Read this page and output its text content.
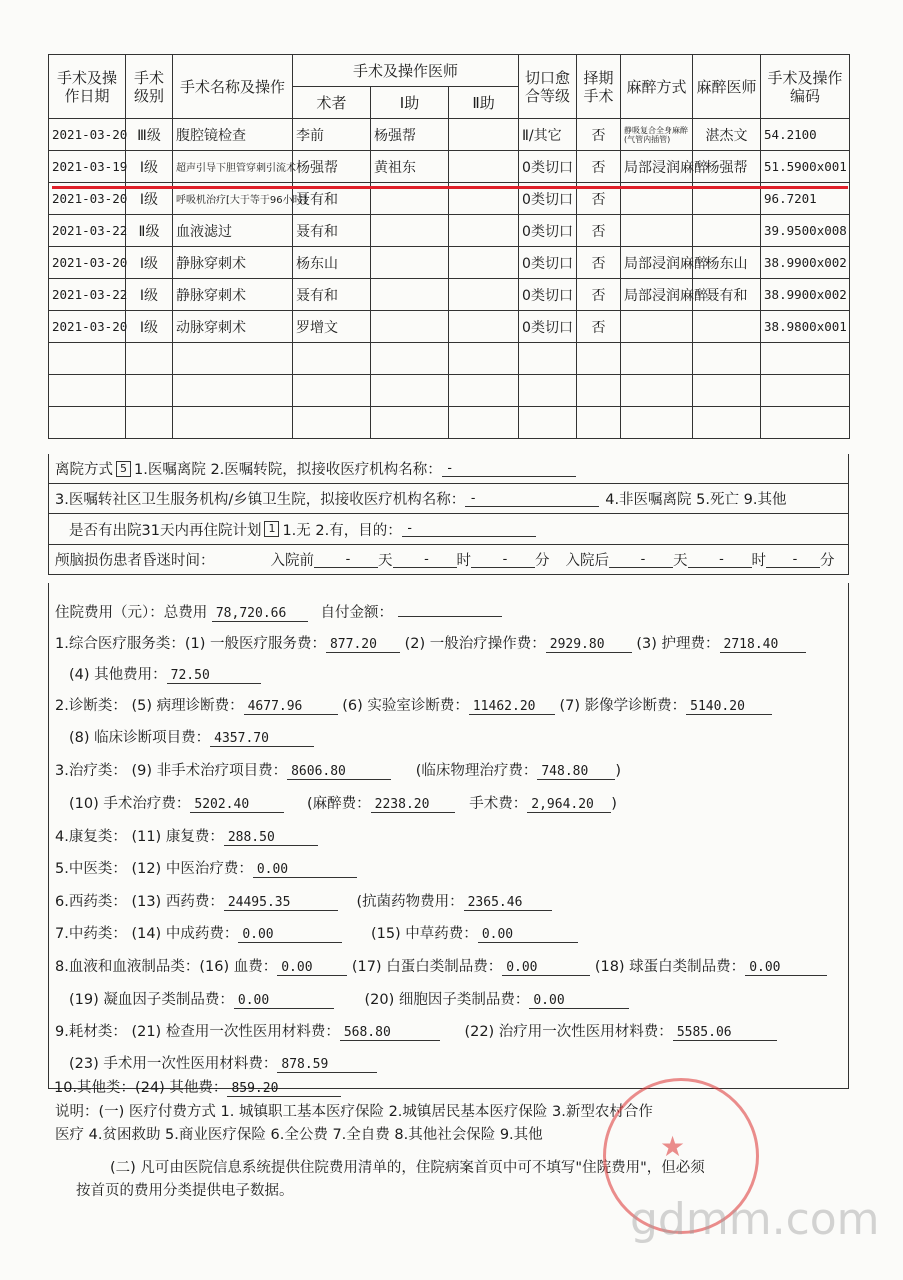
手术及操作日期	手术级别	手术名称及操作	手术及操作医师			切口愈合等级	择期手术	麻醉方式	麻醉医师	手术及操作编码
			术者	Ⅰ助	Ⅱ助					
2021-03-20	Ⅲ级	腹腔镜检查	李前	杨强帮		Ⅱ/其它	否	静吸复合全身麻醉(气管内插管)	湛杰文	54.2100
2021-03-19	Ⅰ级	超声引导下胆管穿刺引流术	杨强帮	黄祖东		0类切口	否	局部浸润麻醉	杨强帮	51.5900x001
2021-03-20	Ⅰ级	呼吸机治疗[大于等于96小时]	聂有和			0类切口	否			96.7201
2021-03-22	Ⅱ级	血液滤过	聂有和			0类切口	否			39.9500x008
2021-03-20	Ⅰ级	静脉穿刺术	杨东山			0类切口	否	局部浸润麻醉	杨东山	38.9900x002
2021-03-22	Ⅰ级	静脉穿刺术	聂有和			0类切口	否	局部浸润麻醉	聂有和	38.9900x002
2021-03-20	Ⅰ级	动脉穿刺术	罗增文			0类切口	否			38.9800x001

离院方式 5 1.医嘱离院 2.医嘱转院，拟接收医疗机构名称： -
3.医嘱转社区卫生服务机构/乡镇卫生院，拟接收医疗机构名称： -	4.非医嘱离院 5.死亡 9.其他
是否有出院31天内再住院计划 1 1.无 2.有，目的： -
颅脑损伤患者昏迷时间：	入院前	-	天	-	时	-	分 入院后	-	天	-	时	-	分
住院费用（元）：总费用 78,720.66 自付金额：
1.综合医疗服务类：(1) 一般医疗服务费： 877.20 (2) 一般治疗操作费： 2929.80 (3) 护理费： 2718.40
(4) 其他费用： 72.50
2.诊断类： (5) 病理诊断费： 4677.96	(6) 实验室诊断费： 11462.20 (7) 影像学诊断费： 5140.20
(8) 临床诊断项目费： 4357.70
3.治疗类： (9) 非手术治疗项目费： 8606.80	(临床物理治疗费： 748.80 )
(10) 手术治疗费： 5202.40	(麻醉费： 2238.20	手术费： 2,964.20 )
4.康复类： (11) 康复费： 288.50
5.中医类： (12) 中医治疗费： 0.00
6.西药类： (13) 西药费： 24495.35	(抗菌药物费用： 2365.46
7.中药类： (14) 中成药费： 0.00	(15) 中草药费： 0.00
8.血液和血液制品类：(16) 血费： 0.00	(17) 白蛋白类制品费： 0.00	(18) 球蛋白类制品费： 0.00
(19) 凝血因子类制品费： 0.00	(20) 细胞因子类制品费： 0.00
9.耗材类： (21) 检查用一次性医用材料费： 568.80	(22) 治疗用一次性医用材料费： 5585.06
(23) 手术用一次性医用材料费： 878.59
10.其他类：(24) 其他费： 859.20
说明：(一) 医疗付费方式 1. 城镇职工基本医疗保险 2.城镇居民基本医疗保险 3.新型农村合作
医疗 4.贫困救助 5.商业医疗保险 6.全公费 7.全自费 8.其他社会保险 9.其他
(二) 凡可由医院信息系统提供住院费用清单的，住院病案首页中可不填写"住院费用"，但必须
按首页的费用分类提供电子数据。
★
gdmm.com
